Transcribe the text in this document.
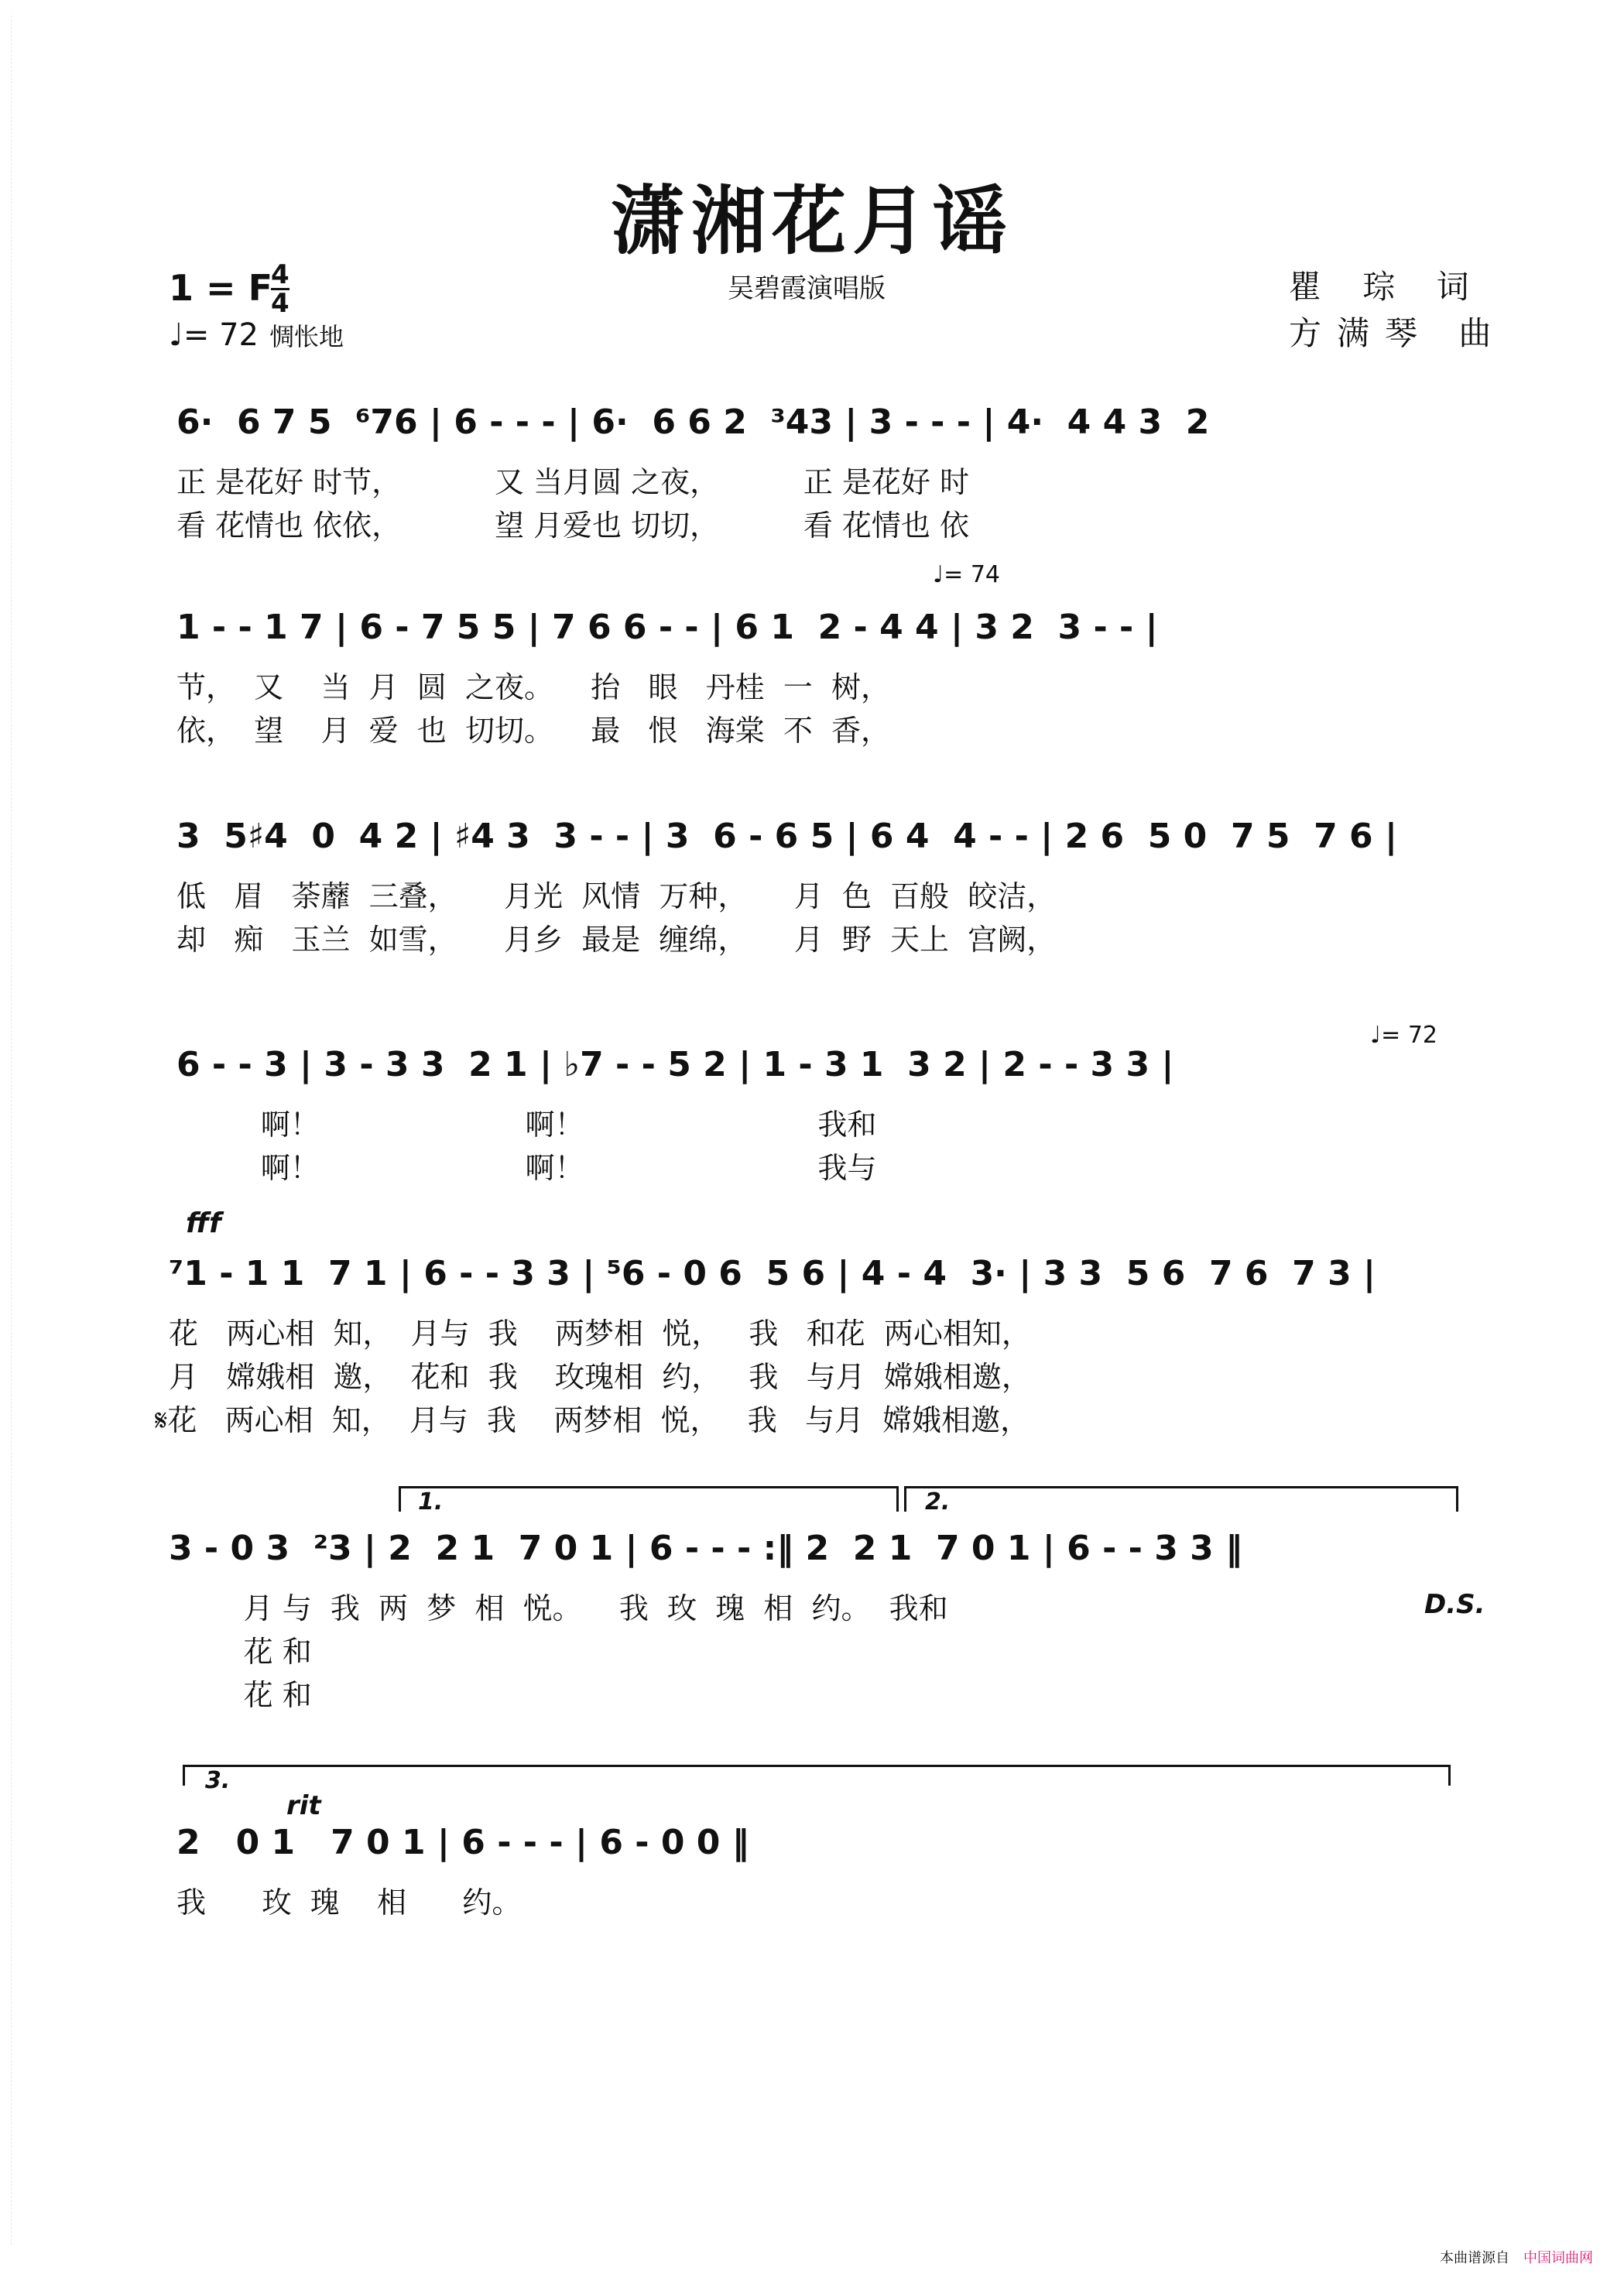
潇湘花月谣
1 = F
4
4
♩= 72 惆怅地
吴碧霞演唱版	瞿 琮 词
方满琴 曲
6·  6 7 5  ⁶76 | 6 - - - | 6·  6 6 2  ³43 | 3 - - - | 4·  4 4 3  2
正 是花好 时节，          又 当月圆 之夜，         正 是花好 时
看 花情也 依依，          望 月爱也 切切，         看 花情也 依
♩= 74
1 - - 1 7 | 6 - 7 5 5 | 7 6 6 - - | 6 1  2 - 4 4 | 3 2  3 - - |
节，  又    当  月  圆  之夜。    抬   眼   丹桂  一  树，
依，  望    月  爱  也  切切。    最   恨   海棠  不  香，
3  5♯4  0  4 2 | ♯4 3  3 - - | 3  6 - 6 5 | 6 4  4 - - | 2 6  5 0  7 5  7 6 |
低   眉   荼蘼  三叠，     月光  风情  万种，     月  色  百般  皎洁，
却   痴   玉兰  如雪，     月乡  最是  缠绵，     月  野  天上  宫阙，
♩= 72
6 - - 3 | 3 - 3 3  2 1 | ♭7 - - 5 2 | 1 - 3 1  3 2 | 2 - - 3 3 |
啊！                      啊！                         我和
啊！                      啊！                         我与
fff
⁷1 - 1 1  7 1 | 6 - - 3 3 | ⁵6 - 0 6  5 6 | 4 - 4  3· | 3 3  5 6  7 6  7 3 |
花   两心相  知，  月与  我    两梦相  悦，   我   和花  两心相知，
月   嫦娥相  邀，  花和  我    玫瑰相  约，   我   与月  嫦娥相邀，
𝄋花   两心相  知，  月与  我    两梦相  悦，   我   与月  嫦娥相邀，
1.	2.
3 - 0 3  ²3 | 2  2 1  7 0 1 | 6 - - - :‖ 2  2 1  7 0 1 | 6 - - 3 3 ‖
D.S.
月 与  我  两  梦  相  悦。    我  玫  瑰  相  约。  我和
花 和
花 和
3.
rit
2   0 1   7 0 1 | 6 - - - | 6 - 0 0 ‖
我      玫  瑰    相      约。
本曲谱源自 中国词曲网
